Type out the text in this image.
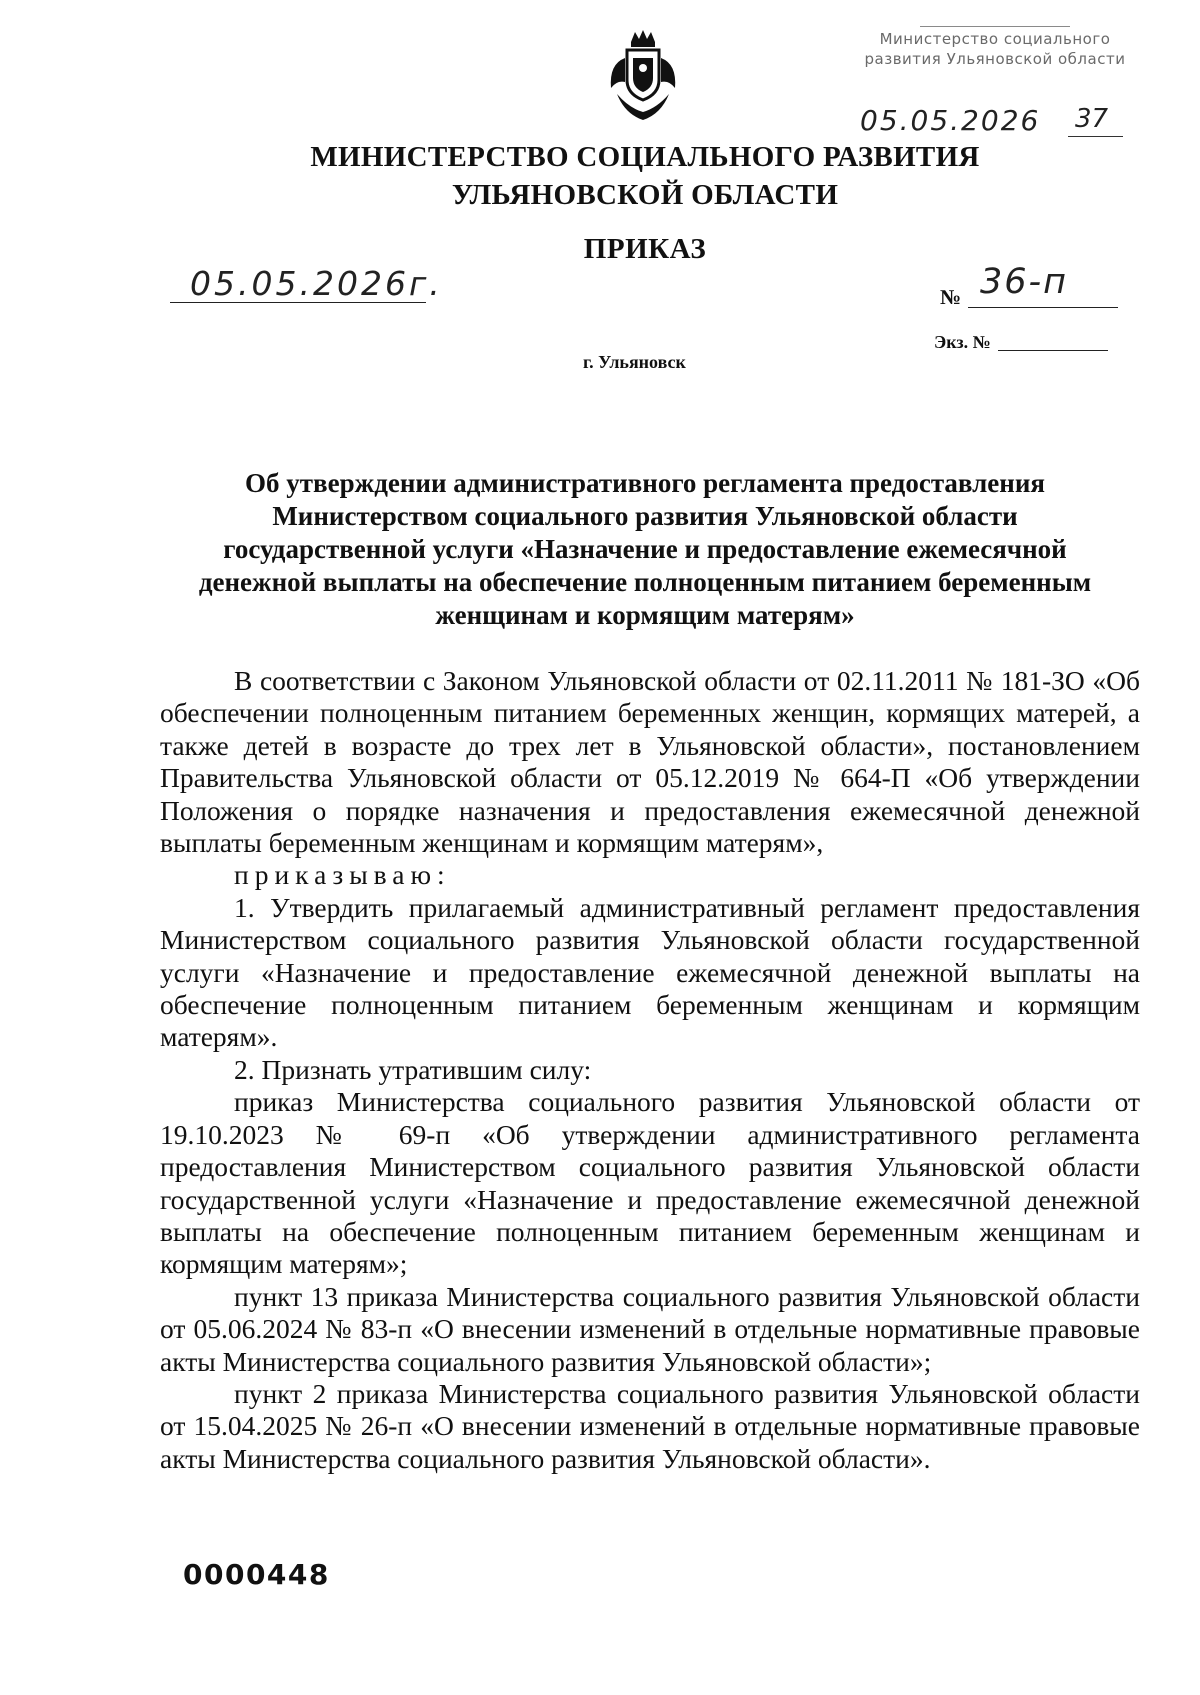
Министерство социального
развития Ульяновской области
05.05.2026 37
МИНИСТЕРСТВО СОЦИАЛЬНОГО РАЗВИТИЯ
УЛЬЯНОВСКОЙ ОБЛАСТИ
ПРИКАЗ
05.05.2026г.	№ 36-п
Экз. №
г. Ульяновск
Об утверждении административного регламента предоставления
Министерством социального развития Ульяновской области
государственной услуги «Назначение и предоставление ежемесячной
денежной выплаты на обеспечение полноценным питанием беременным
женщинам и кормящим матерям»

В соответствии с Законом Ульяновской области от 02.11.2011 № 181-ЗО «Об обеспечении полноценным питанием беременных женщин, кормящих матерей, а также детей в возрасте до трех лет в Ульяновской области», постановлением Правительства Ульяновской области от 05.12.2019 № 664-П «Об утверждении Положения о порядке назначения и предоставления ежемесячной денежной выплаты беременным женщинам и кормящим матерям»,

приказываю:

1. Утвердить прилагаемый административный регламент предоставления Министерством социального развития Ульяновской области государственной услуги «Назначение и предоставление ежемесячной денежной выплаты на обеспечение полноценным питанием беременным женщинам и кормящим матерям».

2. Признать утратившим силу:

приказ Министерства социального развития Ульяновской области от 19.10.2023 № 69-п «Об утверждении административного регламента предоставления Министерством социального развития Ульяновской области государственной услуги «Назначение и предоставление ежемесячной денежной выплаты на обеспечение полноценным питанием беременным женщинам и кормящим матерям»;

пункт 13 приказа Министерства социального развития Ульяновской области от 05.06.2024 № 83-п «О внесении изменений в отдельные нормативные правовые акты Министерства социального развития Ульяновской области»;

пункт 2 приказа Министерства социального развития Ульяновской области от 15.04.2025 № 26-п «О внесении изменений в отдельные нормативные правовые акты Министерства социального развития Ульяновской области».

0000448
